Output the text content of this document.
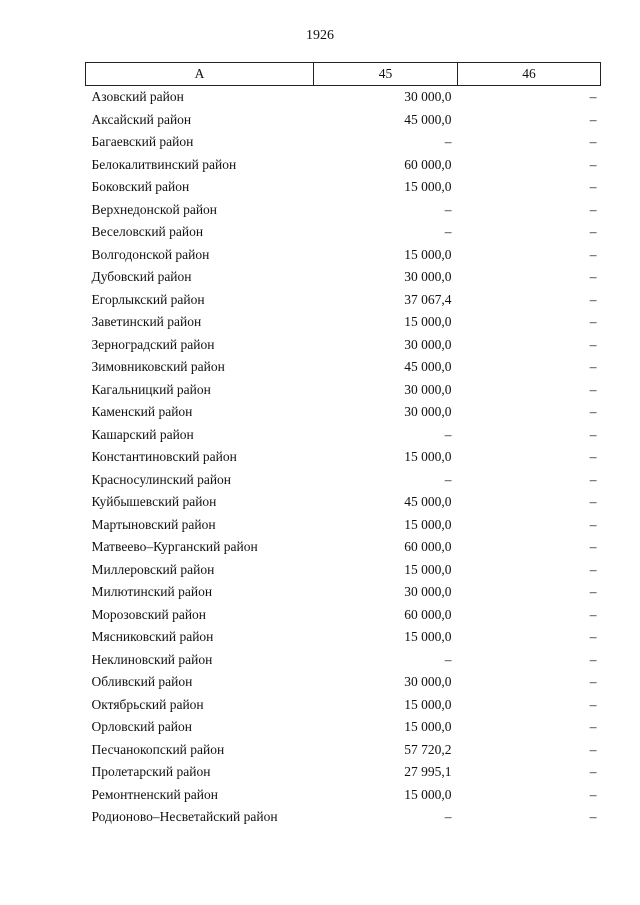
1926
А	45	46
Азовский район	30 000,0	–
Аксайский район	45 000,0	–
Багаевский район	–	–
Белокалитвинский район	60 000,0	–
Боковский район	15 000,0	–
Верхнедонской район	–	–
Веселовский район	–	–
Волгодонской район	15 000,0	–
Дубовский район	30 000,0	–
Егорлыкский район	37 067,4	–
Заветинский район	15 000,0	–
Зерноградский район	30 000,0	–
Зимовниковский район	45 000,0	–
Кагальницкий район	30 000,0	–
Каменский район	30 000,0	–
Кашарский район	–	–
Константиновский район	15 000,0	–
Красносулинский район	–	–
Куйбышевский район	45 000,0	–
Мартыновский район	15 000,0	–
Матвеево–Курганский район	60 000,0	–
Миллеровский район	15 000,0	–
Милютинский район	30 000,0	–
Морозовский район	60 000,0	–
Мясниковский район	15 000,0	–
Неклиновский район	–	–
Обливский район	30 000,0	–
Октябрьский район	15 000,0	–
Орловский район	15 000,0	–
Песчанокопский район	57 720,2	–
Пролетарский район	27 995,1	–
Ремонтненский район	15 000,0	–
Родионово–Несветайский район	–	–
